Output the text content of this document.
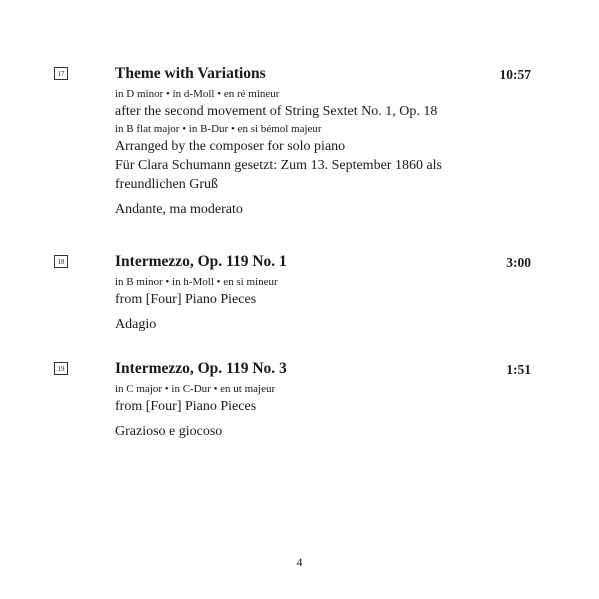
17	Theme with Variations	10:57
in D minor • in d-Moll • en ré mineur
after the second movement of String Sextet No. 1, Op. 18
in B flat major • in B-Dur • en si bémol majeur
Arranged by the composer for solo piano
Für Clara Schumann gesetzt: Zum 13. September 1860 als
freundlichen Gruß
Andante, ma moderato
18	Intermezzo, Op. 119 No. 1	3:00
in B minor • in h-Moll • en si mineur
from [Four] Piano Pieces
Adagio
19	Intermezzo, Op. 119 No. 3	1:51
in C major • in C-Dur • en ut majeur
from [Four] Piano Pieces
Grazioso e giocoso
4
